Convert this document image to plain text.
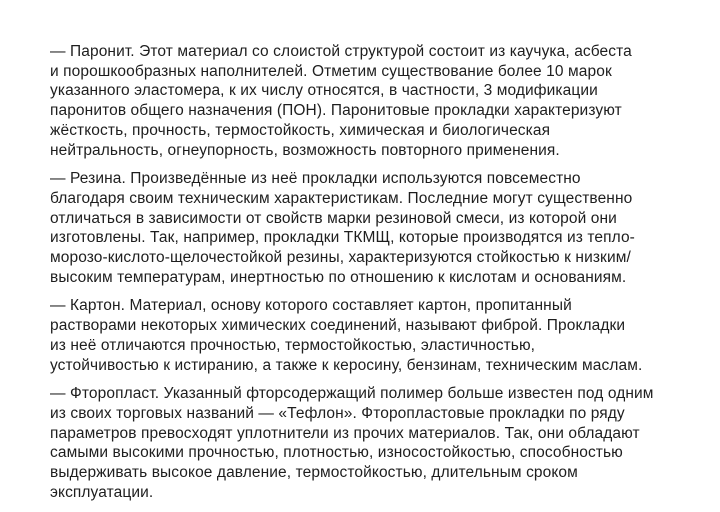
— Паронит. Этот материал со слоистой структурой состоит из каучука, асбеста
и порошкообразных наполнителей. Отметим существование более 10 марок
указанного эластомера, к их числу относятся, в частности, 3 модификации
паронитов общего назначения (ПОН). Паронитовые прокладки характеризуют
жёсткость, прочность, термостойкость, химическая и биологическая
нейтральность, огнеупорность, возможность повторного применения.
— Резина. Произведённые из неё прокладки используются повсеместно
благодаря своим техническим характеристикам. Последние могут существенно
отличаться в зависимости от свойств марки резиновой смеси, из которой они
изготовлены. Так, например, прокладки ТКМЩ, которые производятся из тепло-
морозо-кислото-щелочестойкой резины, характеризуются стойкостью к низким/
высоким температурам, инертностью по отношению к кислотам и основаниям.
— Картон. Материал, основу которого составляет картон, пропитанный
растворами некоторых химических соединений, называют фиброй. Прокладки
из неё отличаются прочностью, термостойкостью, эластичностью,
устойчивостью к истиранию, а также к керосину, бензинам, техническим маслам.
— Фторопласт. Указанный фторсодержащий полимер больше известен под одним
из своих торговых названий — «Тефлон». Фторопластовые прокладки по ряду
параметров превосходят уплотнители из прочих материалов. Так, они обладают
самыми высокими прочностью, плотностью, износостойкостью, способностью
выдерживать высокое давление, термостойкостью, длительным сроком
эксплуатации.
